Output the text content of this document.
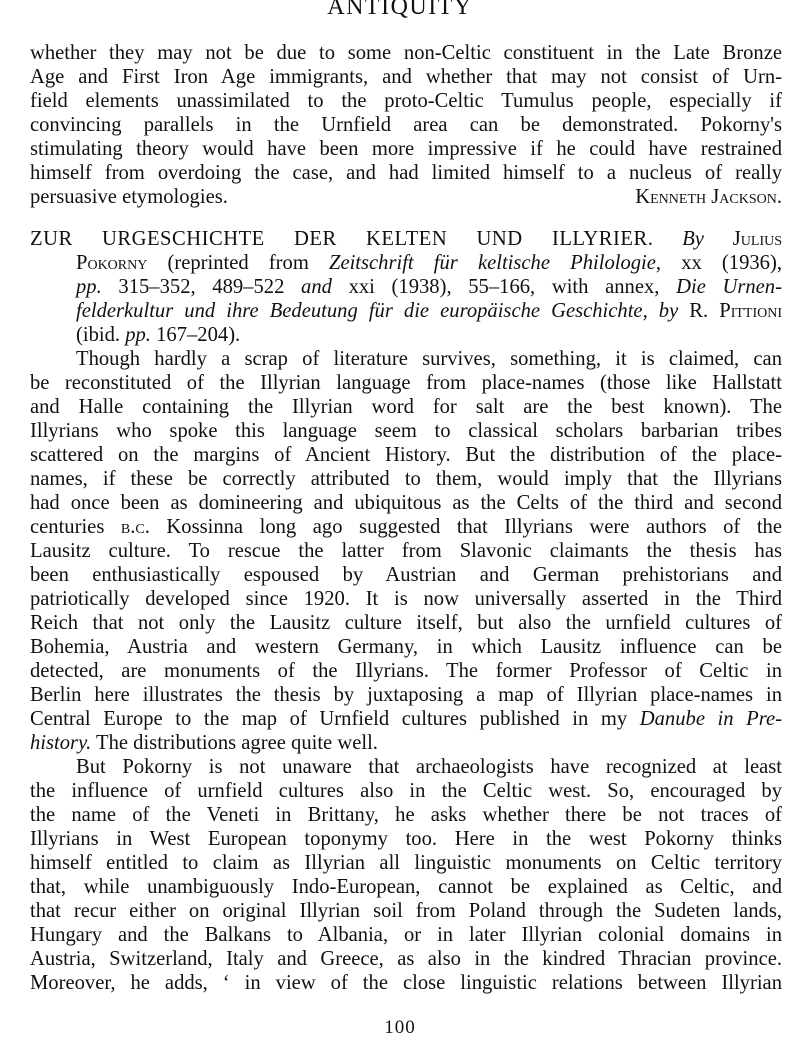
ANTIQUITY
whether they may not be due to some non-Celtic constituent in the Late Bronze
Age and First Iron Age immigrants, and whether that may not consist of Urn-
field elements unassimilated to the proto-Celtic Tumulus people, especially if
convincing parallels in the Urnfield area can be demonstrated. Pokorny's
stimulating theory would have been more impressive if he could have restrained
himself from overdoing the case, and had limited himself to a nucleus of really
persuasive etymologies.	Kenneth Jackson.
ZUR URGESCHICHTE DER KELTEN UND ILLYRIER. By Julius
Pokorny (reprinted from Zeitschrift für keltische Philologie, xx (1936),
pp. 315–352, 489–522 and xxi (1938), 55–166, with annex, Die Urnen-
felderkultur und ihre Bedeutung für die europäische Geschichte, by R. Pittioni
(ibid. pp. 167–204).
Though hardly a scrap of literature survives, something, it is claimed, can
be reconstituted of the Illyrian language from place-names (those like Hallstatt
and Halle containing the Illyrian word for salt are the best known). The
Illyrians who spoke this language seem to classical scholars barbarian tribes
scattered on the margins of Ancient History. But the distribution of the place-
names, if these be correctly attributed to them, would imply that the Illyrians
had once been as domineering and ubiquitous as the Celts of the third and second
centuries b.c. Kossinna long ago suggested that Illyrians were authors of the
Lausitz culture. To rescue the latter from Slavonic claimants the thesis has
been enthusiastically espoused by Austrian and German prehistorians and
patriotically developed since 1920. It is now universally asserted in the Third
Reich that not only the Lausitz culture itself, but also the urnfield cultures of
Bohemia, Austria and western Germany, in which Lausitz influence can be
detected, are monuments of the Illyrians. The former Professor of Celtic in
Berlin here illustrates the thesis by juxtaposing a map of Illyrian place-names in
Central Europe to the map of Urnfield cultures published in my Danube in Pre-
history. The distributions agree quite well.
But Pokorny is not unaware that archaeologists have recognized at least
the influence of urnfield cultures also in the Celtic west. So, encouraged by
the name of the Veneti in Brittany, he asks whether there be not traces of
Illyrians in West European toponymy too. Here in the west Pokorny thinks
himself entitled to claim as Illyrian all linguistic monuments on Celtic territory
that, while unambiguously Indo-European, cannot be explained as Celtic, and
that recur either on original Illyrian soil from Poland through the Sudeten lands,
Hungary and the Balkans to Albania, or in later Illyrian colonial domains in
Austria, Switzerland, Italy and Greece, as also in the kindred Thracian province.
Moreover, he adds, ‘ in view of the close linguistic relations between Illyrian
100
